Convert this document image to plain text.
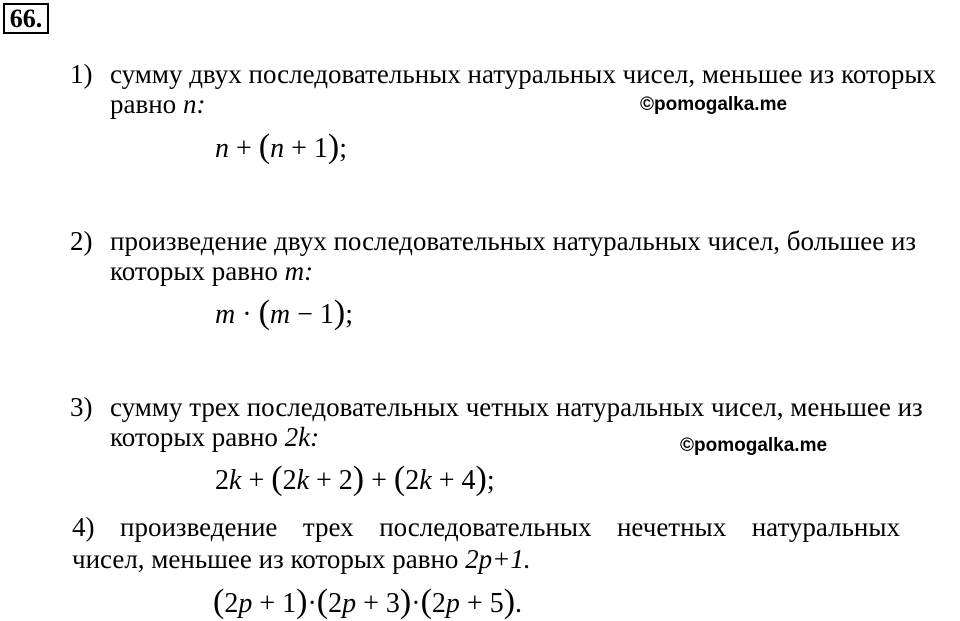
66.
1) сумму двух последовательных натуральных чисел, меньшее из которых
равно n:	©pomogalka.me
n + (n + 1);
2) произведение двух последовательных натуральных чисел, большее из
которых равно m:
m · (m − 1);
3) сумму трех последовательных четных натуральных чисел, меньшее из
которых равно 2k:	©pomogalka.me
2k + (2k + 2) + (2k + 4);
4) произведение трех последовательных нечетных натуральных
чисел, меньшее из которых равно 2p+1.
(2p + 1)·(2p + 3)·(2p + 5).
